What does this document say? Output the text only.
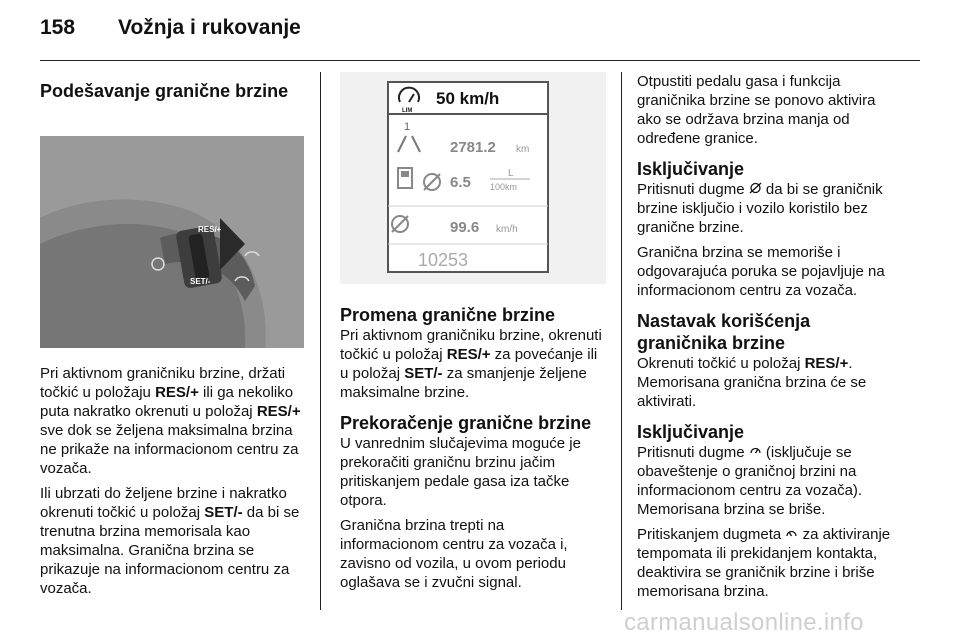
158 Vožnja i rukovanje
Podešavanje granične brzine
RES/+
SET/-

Pri aktivnom graničniku brzine, držati točkić u položaju RES/+ ili ga nekoliko puta nakratko okrenuti u položaj RES/+ sve dok se željena maksimalna brzina ne prikaže na informacionom centru za vozača.

Ili ubrzati do željene brzine i nakratko okrenuti točkić u položaj SET/- da bi se trenutna brzina memorisala kao maksimalna. Granična brzina se prikazuje na informacionom centru za vozača.

LIM
50 km/h
1
2781.2 km
6.5
L
100km
99.6 km/h
10253
Promena granične brzine

Pri aktivnom graničniku brzine, okrenuti točkić u položaj RES/+ za povećanje ili u položaj SET/- za smanjenje željene maksimalne brzine.

Prekoračenje granične brzine

U vanrednim slučajevima moguće je prekoračiti graničnu brzinu jačim pritiskanjem pedale gasa iza tačke otpora.

Granična brzina trepti na informacionom centru za vozača i, zavisno od vozila, u ovom periodu oglašava se i zvučni signal.

Otpustiti pedalu gasa i funkcija graničnika brzine se ponovo aktivira ako se održava brzina manja od određene granice.

Isključivanje

Pritisnuti dugme  da bi se graničnik brzine isključio i vozilo koristilo bez granične brzine.

Granična brzina se memoriše i odgovarajuća poruka se pojavljuje na informacionom centru za vozača.

Nastavak korišćenja graničnika brzine

Okrenuti točkić u položaj RES/+. Memorisana granična brzina će se aktivirati.

Isključivanje

Pritisnuti dugme  (isključuje se obaveštenje o graničnoj brzini na informacionom centru za vozača). Memorisana brzina se briše.

Pritiskanjem dugmeta  za aktiviranje tempomata ili prekidanjem kontakta, deaktivira se graničnik brzine i briše memorisana brzina.

carmanualsonline.info
